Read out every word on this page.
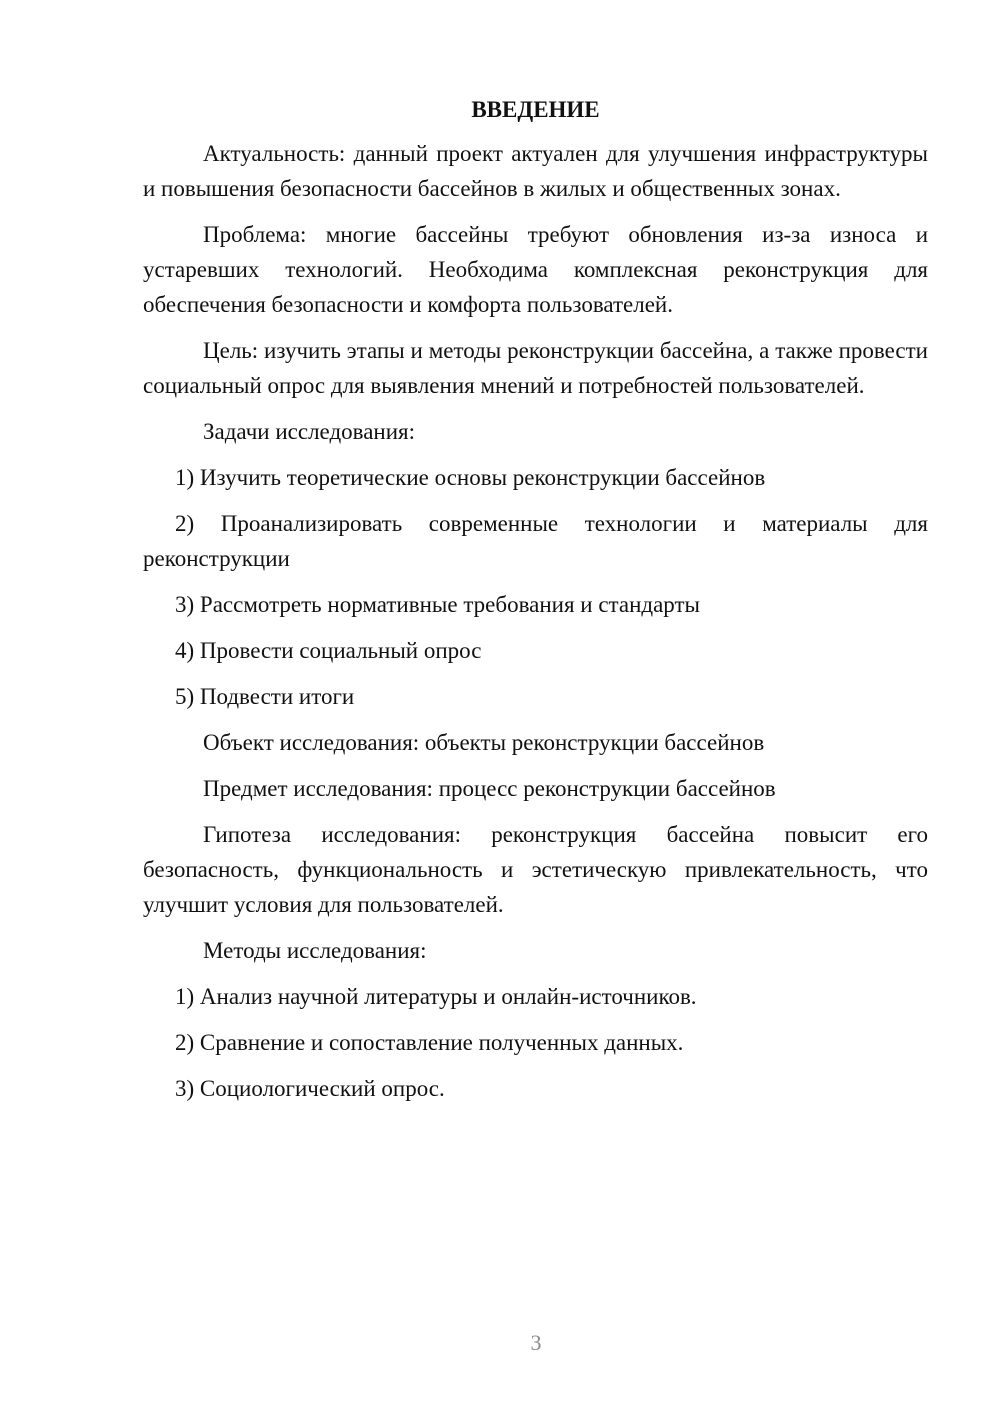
ВВЕДЕНИЕ

Актуальность: данный проект актуален для улучшения инфраструктуры и повышения безопасности бассейнов в жилых и общественных зонах.

Проблема: многие бассейны требуют обновления из-за износа и устаревших технологий. Необходима комплексная реконструкция для обеспечения безопасности и комфорта пользователей.

Цель: изучить этапы и методы реконструкции бассейна, а также провести социальный опрос для выявления мнений и потребностей пользователей.

Задачи исследования:

1) Изучить теоретические основы реконструкции бассейнов

2) Проанализировать современные технологии и материалы для реконструкции

3) Рассмотреть нормативные требования и стандарты

4) Провести социальный опрос

5) Подвести итоги

Объект исследования: объекты реконструкции бассейнов

Предмет исследования: процесс реконструкции бассейнов

Гипотеза исследования: реконструкция бассейна повысит его безопасность, функциональность и эстетическую привлекательность, что улучшит условия для пользователей.

Методы исследования:

1) Анализ научной литературы и онлайн-источников.

2) Сравнение и сопоставление полученных данных.

3) Социологический опрос.

3
